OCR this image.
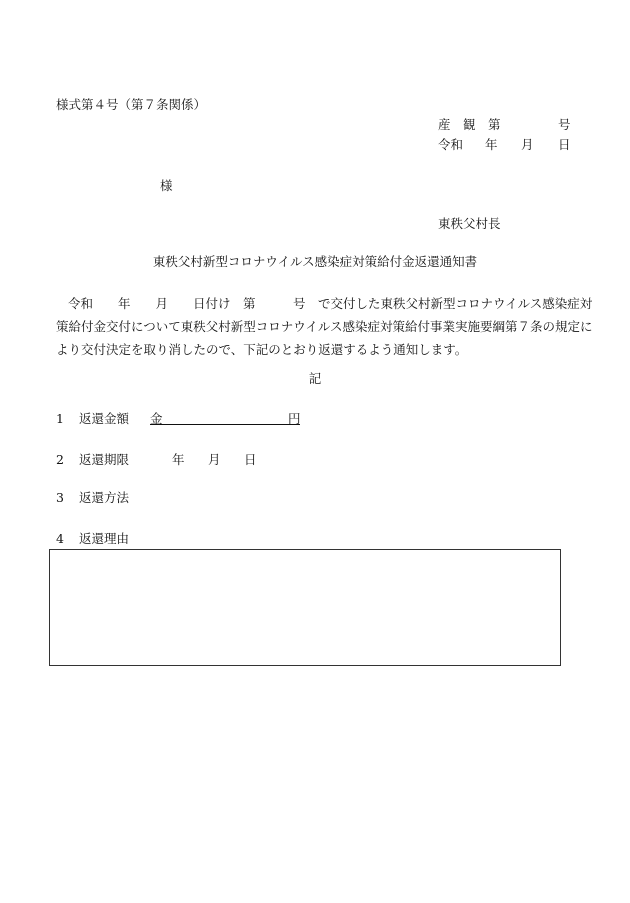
様式第４号（第７条関係）
産　観　第	号
令和 年 月 日
様
東秩父村長
東秩父村新型コロナウイルス感染症対策給付金返還通知書
令和　　年　　月　　日付け　第　　　号　で交付した東秩父村新型コロナウイルス感染症対
策給付金交付について東秩父村新型コロナウイルス感染症対策給付事業実施要綱第７条の規定に
より交付決定を取り消したので、下記のとおり返還するよう通知します。
記
1 返還金額 金	円
2 返還期限	年 月 日
3 返還方法
4 返還理由
